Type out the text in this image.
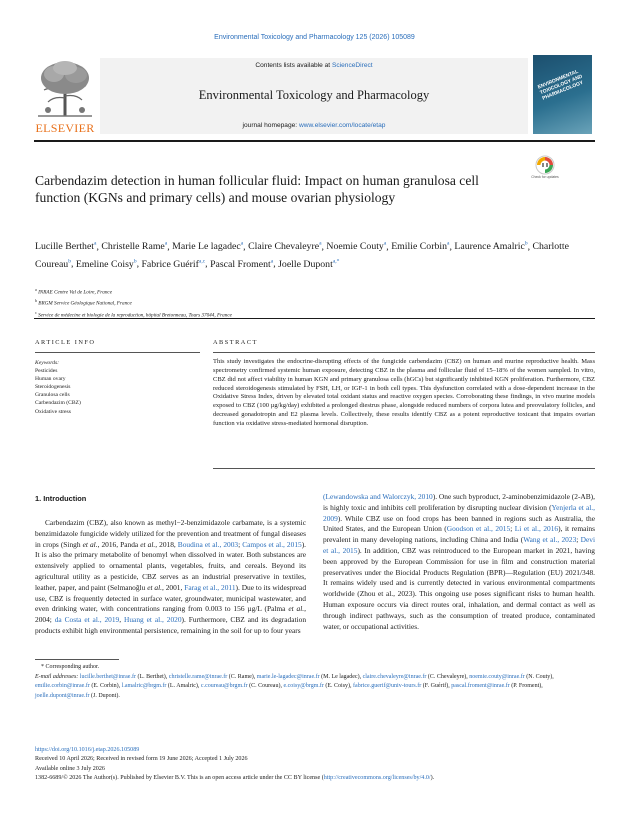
Environmental Toxicology and Pharmacology 125 (2026) 105089
ELSEVIER
Contents lists available at ScienceDirect
Environmental Toxicology and Pharmacology
journal homepage: www.elsevier.com/locate/etap
ENVIRONMENTAL TOXICOLOGY AND PHARMACOLOGY
Carbendazim detection in human follicular fluid: Impact on human granulosa cell function (KGNs and primary cells) and mouse ovarian physiology
Check for updates
Lucille Berthet$^a$, Christelle Rame$^a$, Marie Le lagadec$^a$, Claire Chevaleyre$^a$, Noemie Couty$^a$, Emilie Corbin$^a$, Laurence Amalric$^b$, Charlotte Coureau$^b$, Emeline Coisy$^b$, Fabrice Guérif$^{a,c}$, Pascal Froment$^a$, Joelle Dupont$^{a,*}$
$^a$ INRAE Centre Val de Loire, France
$^b$ BRGM Service Géologique National, France
$^c$ Service de médecine et biologie de la reproduction, hôpital Bretonneau, Tours 37044, France
ARTICLE INFO	ABSTRACT
Keywords:
Pesticides
Human ovary
Steroidogenesis
Granulosa cells
Carbendazim (CBZ)
Oxidative stress
This study investigates the endocrine-disrupting effects of the fungicide carbendazim (CBZ) on human and murine reproductive health. Mass spectrometry confirmed systemic human exposure, detecting CBZ in the plasma and follicular fluid of 15–18% of the women sampled. In vitro, CBZ did not affect viability in human KGN and primary granulosa cells (hGCs) but significantly inhibited KGN proliferation. Furthermore, CBZ reduced steroidogenesis stimulated by FSH, LH, or IGF-1 in both cell types. This dysfunction correlated with a dose-dependent increase in the Oxidative Stress Index, driven by elevated total oxidant status and reactive oxygen species. Corroborating these findings, in vivo murine models exposed to CBZ (100 µg/kg/day) exhibited a prolonged diestrus phase, alongside reduced numbers of corpora lutea and preovulatory follicles, and decreased gonadotropin and E2 plasma levels. Collectively, these results identify CBZ as a potent reproductive toxicant that impairs ovarian function via oxidative stress-mediated hormonal disruption.
1. Introduction
Carbendazim (CBZ), also known as methyl−2-benzimidazole carbamate, is a systemic benzimidazole fungicide widely utilized for the prevention and treatment of fungal diseases in crops (Singh et al., 2016, Panda et al., 2018, Boudina et al., 2003; Campos et al., 2015). It is also the primary metabolite of benomyl when dissolved in water. Both substances are extensively applied to ornamental plants, vegetables, fruits, and cereals. Beyond its agricultural utility as a pesticide, CBZ serves as an industrial preservative in textiles, leather, paper, and paint (Selmanoğlu et al., 2001, Farag et al., 2011). Due to its widespread use, CBZ is frequently detected in surface water, groundwater, municipal wastewater, and even drinking water, with concentrations ranging from 0.003 to 156 µg/L (Palma et al., 2004; da Costa et al., 2019, Huang et al., 2020). Furthermore, CBZ and its degradation products exhibit high environmental persistence, remaining in the soil for up to four years
(Lewandowska and Walorczyk, 2010). One such byproduct, 2-aminobenzimidazole (2-AB), is highly toxic and inhibits cell proliferation by disrupting nuclear division (Yenjerla et al., 2009). While CBZ use on food crops has been banned in regions such as Australia, the United States, and the European Union (Goodson et al., 2015; Li et al., 2016), it remains prevalent in many developing nations, including China and India (Wang et al., 2023; Devi et al., 2015). In addition, CBZ was reintroduced to the European market in 2021, having been approved by the European Commission for use in film and construction material preservatives under the Biocidal Products Regulation (BPR)—Regulation (EU) 2021/348. It remains widely used and is currently detected in various environmental compartments worldwide (Zhou et al., 2023). This ongoing use poses significant risks to human health. Human exposure occurs via direct routes oral, inhalation, and dermal contact as well as through indirect pathways, such as the consumption of treated produce, contaminated water, or occupational activities.
* Corresponding author.
E-mail addresses: lucille.berthet@inrae.fr (L. Berthet), christelle.rame@inrae.fr (C. Rame), marie.le-lagadec@inrae.fr (M. Le lagadec), claire.chevaleyre@inrae.fr (C. Chevaleyre), noemie.couty@inrae.fr (N. Couty), emilie.corbin@inrae.fr (E. Corbin), l.amalric@brgm.fr (L. Amalric), c.coureau@brgm.fr (C. Coureau), e.coisy@brgm.fr (E. Coisy), fabrice.guerif@univ-tours.fr (F. Guérif), pascal.froment@inrae.fr (P. Froment), joelle.dupont@inrae.fr (J. Dupont).
https://doi.org/10.1016/j.etap.2026.105089
Received 10 April 2026; Received in revised form 19 June 2026; Accepted 1 July 2026
Available online 3 July 2026
1382-6689/© 2026 The Author(s). Published by Elsevier B.V. This is an open access article under the CC BY license (http://creativecommons.org/licenses/by/4.0/).
